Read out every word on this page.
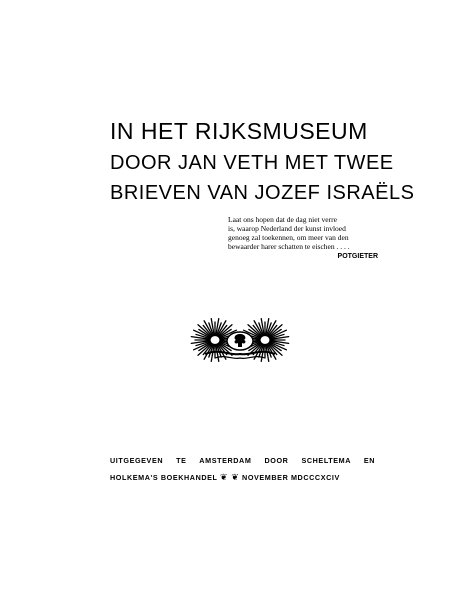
IN HET RIJKSMUSEUM
DOOR JAN VETH MET TWEE
BRIEVEN VAN JOZEF ISRAËLS

Laat ons hopen dat de dag niet verre

is, waarop Nederland der kunst invloed

genoeg zal toekennen, om meer van den

bewaarder harer schatten te eischen . . . .

POTGIETER

UITGEGEVEN TE AMSTERDAM DOOR SCHELTEMA EN

HOLKEMA'S BOEKHANDEL ❦ ❦ NOVEMBER MDCCCXCIV
